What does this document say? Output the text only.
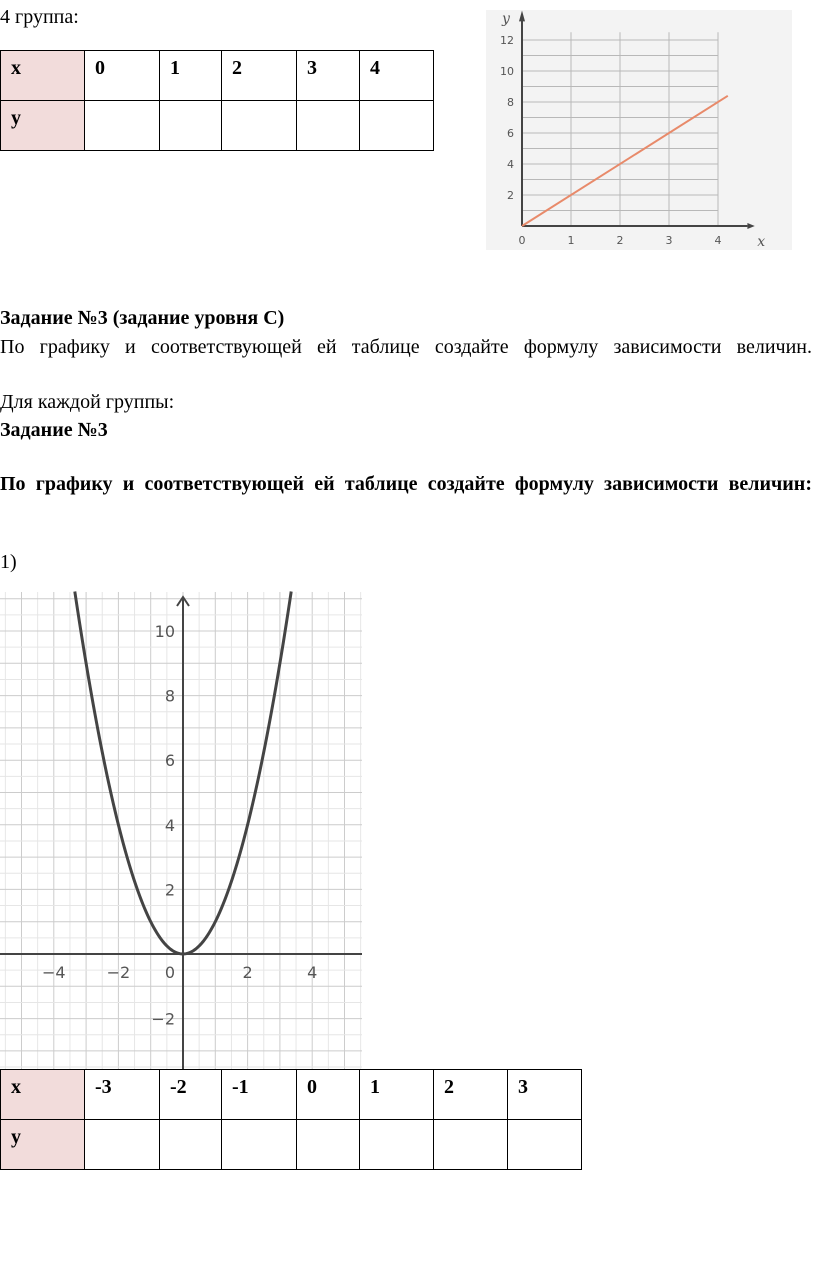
4 группа:
x	0	1	2	3	4

y					

0	1	2	3	4
2
4
6
8
10
12
x
y
Задание №3 (задание уровня С)
По графику и соответствующей ей таблице создайте формулу зависимости величин.
Для каждой группы:
Задание №3
По графику и соответствующей ей таблице создайте формулу зависимости величин:
1)
−4	−2 0	2	4
−2
2
4
6
8
10
x	-3	-2	-1	0	1	2	3

y							
